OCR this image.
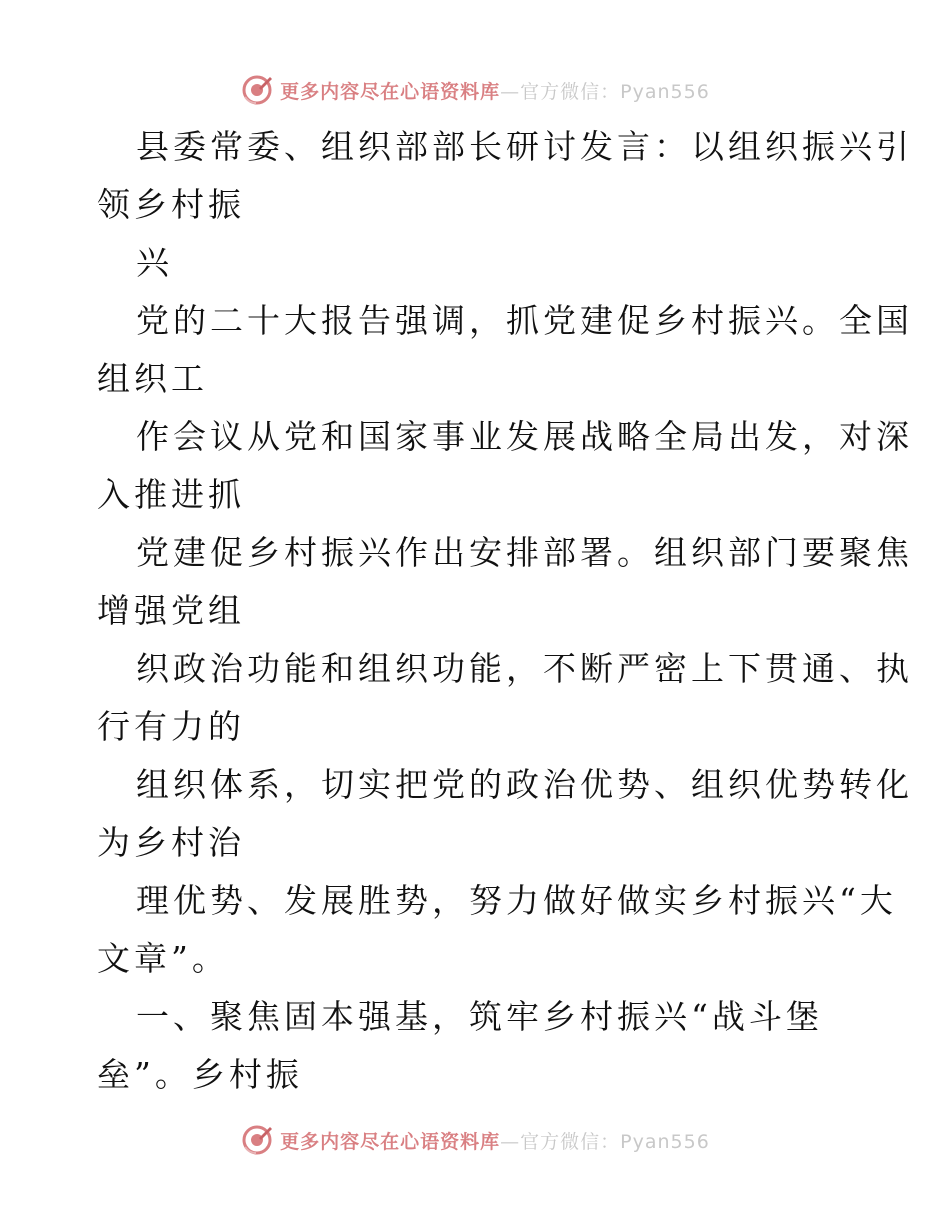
更多内容尽在心语资料库—官方微信：Pyan556
县委常委、组织部部长研讨发言：以组织振兴引
领乡村振
兴
党的二十大报告强调，抓党建促乡村振兴。全国
组织工
作会议从党和国家事业发展战略全局出发，对深
入推进抓
党建促乡村振兴作出安排部署。组织部门要聚焦
增强党组
织政治功能和组织功能，不断严密上下贯通、执
行有力的
组织体系，切实把党的政治优势、组织优势转化
为乡村治
理优势、发展胜势，努力做好做实乡村振兴“大
文章”。
一、聚焦固本强基，筑牢乡村振兴“战斗堡
垒”。乡村振
更多内容尽在心语资料库—官方微信：Pyan556
